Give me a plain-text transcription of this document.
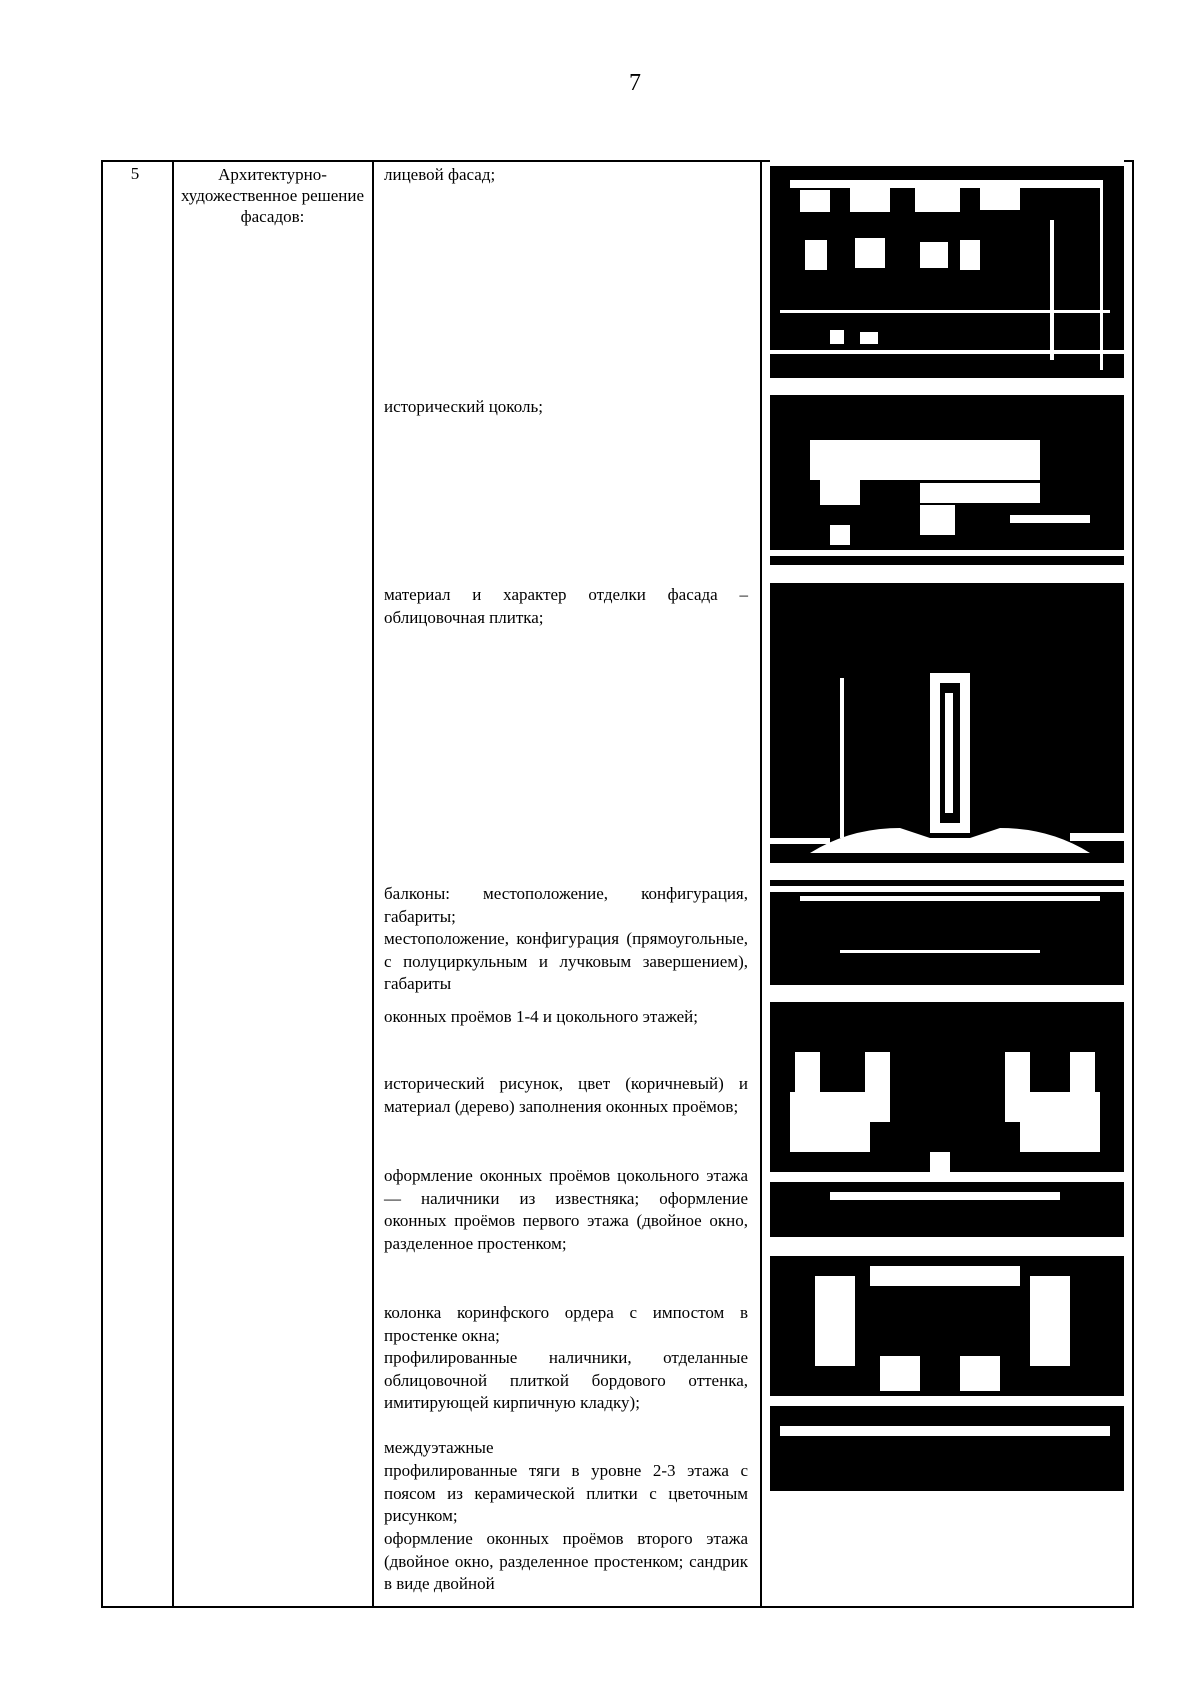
7
5	Архитектурно-художественное решение фасадов:
лицевой фасад;
исторический цоколь;
материал и характер отделки фасада – облицовочная плитка;
балконы: местоположение, конфигурация, габариты;
местоположение, конфигурация (прямоугольные, с полуциркульным и лучковым завершением), габариты
оконных проёмов 1-4 и цокольного этажей;
исторический рисунок, цвет (коричневый) и материал (дерево) заполнения оконных проёмов;
оформление оконных проёмов цокольного этажа — наличники из известняка; оформление оконных проёмов первого этажа (двойное окно, разделенное простенком;
колонка коринфского ордера с импостом в простенке окна;
профилированные наличники, отделанные облицовочной плиткой бордового оттенка, имитирующей кирпичную кладку);
междуэтажные
профилированные тяги в уровне 2-3 этажа с поясом из керамической плитки с цветочным рисунком;
оформление оконных проёмов второго этажа (двойное окно, разделенное простенком; сандрик в виде двойной
